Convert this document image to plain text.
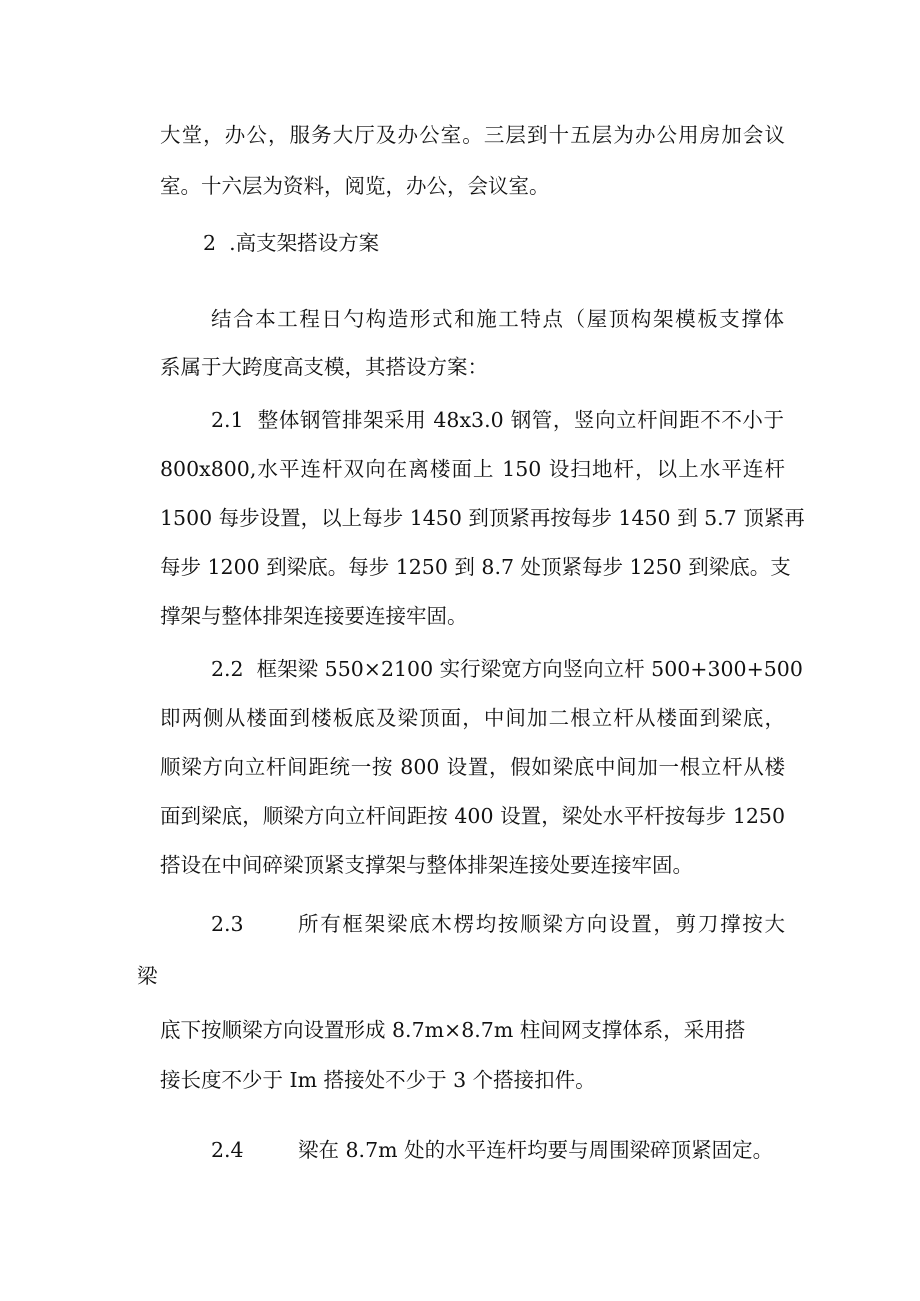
大堂，办公，服务大厅及办公室。三层到十五层为办公用房加会议
室。十六层为资料，阅览，办公，会议室。
2  .高支架搭设方案
结合本工程日勺构造形式和施工特点（屋顶构架模板支撑体
系属于大跨度高支模，其搭设方案：
2.1  整体钢管排架采用 48x3.0 钢管，竖向立杆间距不不小于
800x800,水平连杆双向在离楼面上 150 设扫地杆，以上水平连杆
1500 每步设置，以上每步 1450 到顶紧再按每步 1450 到 5.7 顶紧再
每步 1200 到梁底。每步 1250 到 8.7 处顶紧每步 1250 到梁底。支
撑架与整体排架连接要连接牢固。
2.2  框架梁 550×2100 实行梁宽方向竖向立杆 500+300+500
即两侧从楼面到楼板底及梁顶面，中间加二根立杆从楼面到梁底，
顺梁方向立杆间距统一按 800 设置，假如梁底中间加一根立杆从楼
面到梁底，顺梁方向立杆间距按 400 设置，梁处水平杆按每步 1250
搭设在中间碎梁顶紧支撑架与整体排架连接处要连接牢固。
2.3	所有框架梁底木楞均按顺梁方向设置，剪刀撑按大
梁
底下按顺梁方向设置形成 8.7m×8.7m 柱间网支撑体系，采用搭
接长度不少于 Im 搭接处不少于 3 个搭接扣件。
2.4	梁在 8.7m 处的水平连杆均要与周围梁碎顶紧固定。
